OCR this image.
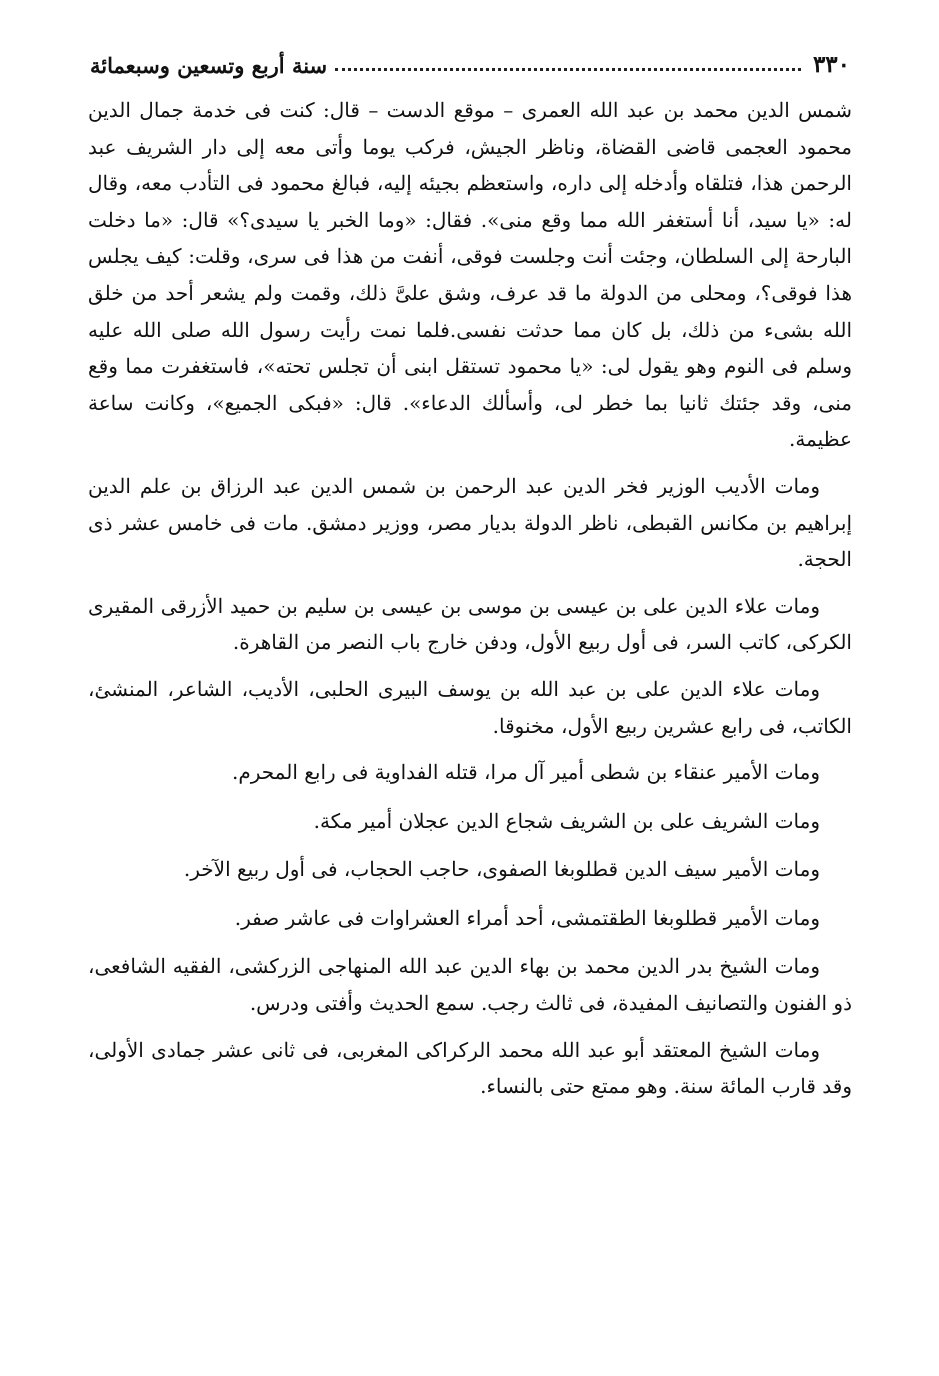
٣٣٠
سنة أربع وتسعين وسبعمائة

شمس الدين محمد بن عبد الله العمرى – موقع الدست – قال: كنت فى خدمة جمال الدين محمود العجمى قاضى القضاة، وناظر الجيش، فركب يوما وأتى معه إلى دار الشريف عبد الرحمن هذا، فتلقاه وأدخله إلى داره، واستعظم بجيئه إليه، فبالغ محمود فى التأدب معه، وقال له: «يا سيد، أنا أستغفر الله مما وقع منى». فقال: «وما الخبر يا سيدى؟» قال: «ما دخلت البارحة إلى السلطان، وجئت أنت وجلست فوقى، أنفت من هذا فى سرى، وقلت: كيف يجلس هذا فوقى؟، ومحلى من الدولة ما قد عرف، وشق علىَّ ذلك، وقمت ولم يشعر أحد من خلق الله بشىء من ذلك، بل كان مما حدثت نفسى.فلما نمت رأيت رسول الله صلى الله عليه وسلم فى النوم وهو يقول لى: «يا محمود تستقل ابنى أن تجلس تحته»، فاستغفرت مما وقع منى، وقد جئتك ثانيا بما خطر لى، وأسألك الدعاء». قال: «فبكى الجميع»، وكانت ساعة عظيمة.

ومات الأديب الوزير فخر الدين عبد الرحمن بن شمس الدين عبد الرزاق بن علم الدين إبراهيم بن مكانس القبطى، ناظر الدولة بديار مصر، ووزير دمشق. مات فى خامس عشر ذى الحجة.

ومات علاء الدين على بن عيسى بن موسى بن عيسى بن سليم بن حميد الأزرقى المقيرى الكركى، كاتب السر، فى أول ربيع الأول، ودفن خارج باب النصر من القاهرة.

ومات علاء الدين على بن عبد الله بن يوسف البيرى الحلبى، الأديب، الشاعر، المنشئ، الكاتب، فى رابع عشرين ربيع الأول، مخنوقا.

ومات الأمير عنقاء بن شطى أمير آل مرا، قتله الفداوية فى رابع المحرم.

ومات الشريف على بن الشريف شجاع الدين عجلان أمير مكة.

ومات الأمير سيف الدين قطلوبغا الصفوى، حاجب الحجاب، فى أول ربيع الآخر.

ومات الأمير قطلوبغا الطقتمشى، أحد أمراء العشراوات فى عاشر صفر.

ومات الشيخ بدر الدين محمد بن بهاء الدين عبد الله المنهاجى الزركشى، الفقيه الشافعى، ذو الفنون والتصانيف المفيدة، فى ثالث رجب. سمع الحديث وأفتى ودرس.

ومات الشيخ المعتقد أبو عبد الله محمد الركراكى المغربى، فى ثانى عشر جمادى الأولى، وقد قارب المائة سنة. وهو ممتع حتى بالنساء.
